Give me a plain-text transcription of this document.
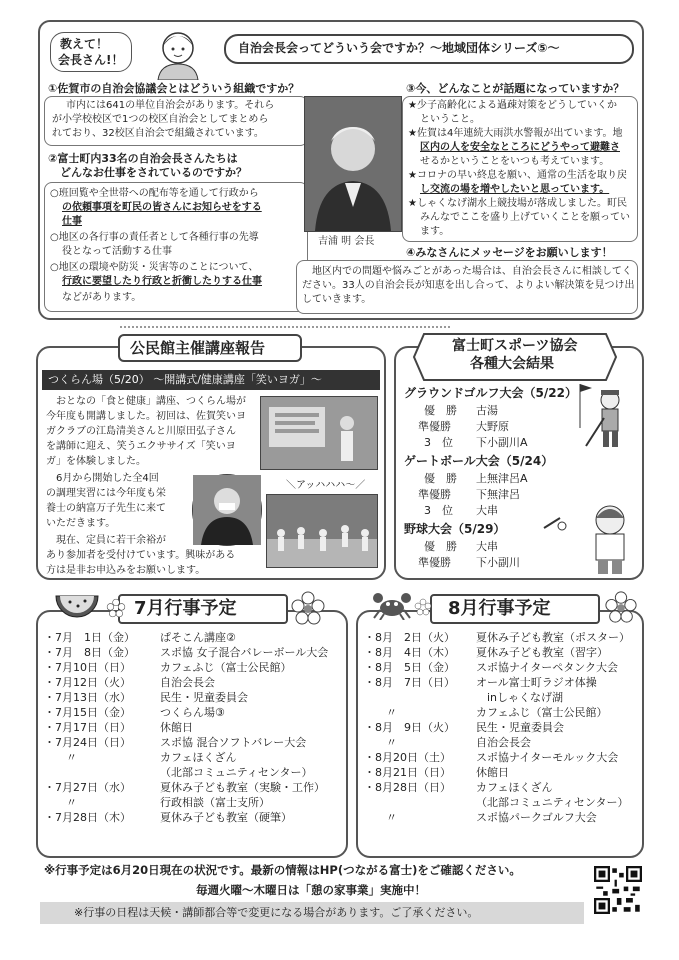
教えて！
会長さん!！
自治会長会ってどういう会ですか？～地域団体シリーズ⑤～
①佐賀市の自治会協議会とはどういう組織ですか？
市内には641の単位自治会があります。それら
が小学校校区で1つの校区自治会としてまとめら
れており、32校区自治会で組織されています。
②富士町内33名の自治会長さんたちは
どんなお仕事をされているのですか？
○班回覧や全世帯への配布等を通して行政から
の依頼事項を町民の皆さんにお知らせをする
仕事
○地区の各行事の責任者として各種行事の先導
役となって活動する仕事
○地区の環境や防災・災害等のことについて、
行政に要望したり行政と折衝したりする仕事
などがあります。
吉浦 明 会長
③今、どんなことが話題になっていますか？
★少子高齢化による過疎対策をどうしていくか
ということ。
★佐賀は4年連続大雨洪水警報が出ています。地
区内の人を安全なところにどうやって避難さ
せるかということをいつも考えています。
★コロナの早い終息を願い、通常の生活を取り戻
し交流の場を増やしたいと思っています。
★しゃくなげ湖水上競技場が落成しました。町民
みんなでここを盛り上げていくことを願ってい
ます。
④みなさんにメッセージをお願いします！
地区内での問題や悩みごとがあった場合は、自治会長さんに相談してく
ださい。33人の自治会長が知恵を出し合って、よりよい解決策を見つけ出
していきます。
公民館主催講座報告
つくらん場（5/20） ～開講式/健康講座「笑いヨガ」～
おとなの「食と健康」講座、つくらん場が
今年度も開講しました。初回は、佐賀笑いヨ
ガクラブの江島清美さんと川原田弘子さん
を講師に迎え、笑うエクササイズ「笑いヨ
ガ」を体験しました。
6月から開始した全4回
の調理実習には今年度も栄
養士の納富万子先生に来て
いただきます。
現在、定員に若干余裕が
あり参加者を受付けています。興味がある
方は是非お申込みをお願いします。
＼アッハハハ～／
富士町スポーツ協会
各種大会結果
グラウンドゴルフ大会（5/22）
優　勝 古湯
準優勝 大野原
3　位 下小副川A
ゲートボール大会（5/24）
優　勝 上無津呂A
準優勝 下無津呂
3　位 大串
野球大会（5/29）
優　勝 大串
準優勝 下小副川
7月行事予定
・7月　1日（金）	ぱそこん講座②
・7月　8日（金）	スポ協 女子混合バレーボール大会
・7月10日（日）	カフェふじ（富士公民館）
・7月12日（火）	自治会長会
・7月13日（水）	民生・児童委員会
・7月15日（金）	つくらん場③
・7月17日（日）	休館日
・7月24日（日）	スポ協 混合ソフトバレー大会
　　〃	カフェほくざん
	（北部コミュニティセンター）
・7月27日（水）	夏休み子ども教室（実験・工作）
　　〃	行政相談（富士支所）
・7月28日（木）	夏休み子ども教室（硬筆）
8月行事予定
・8月　2日（火）	夏休み子ども教室（ポスター）
・8月　4日（木）	夏休み子ども教室（習字）
・8月　5日（金）	スポ協ナイターペタンク大会
・8月　7日（日）	オール富士町ラジオ体操
	　inしゃくなげ湖
　　〃	カフェふじ（富士公民館）
・8月　9日（火）	民生・児童委員会
　　〃	自治会長会
・8月20日（土）	スポ協ナイターモルック大会
・8月21日（日）	休館日
・8月28日（日）	カフェほくざん
	（北部コミュニティセンター）
　　〃	スポ協パークゴルフ大会
※行事予定は6月20日現在の状況です。最新の情報はHP(つながる富士)をご確認ください。
毎週火曜～木曜日は「憩の家事業」実施中！
※行事の日程は天候・講師都合等で変更になる場合があります。ご了承ください。
